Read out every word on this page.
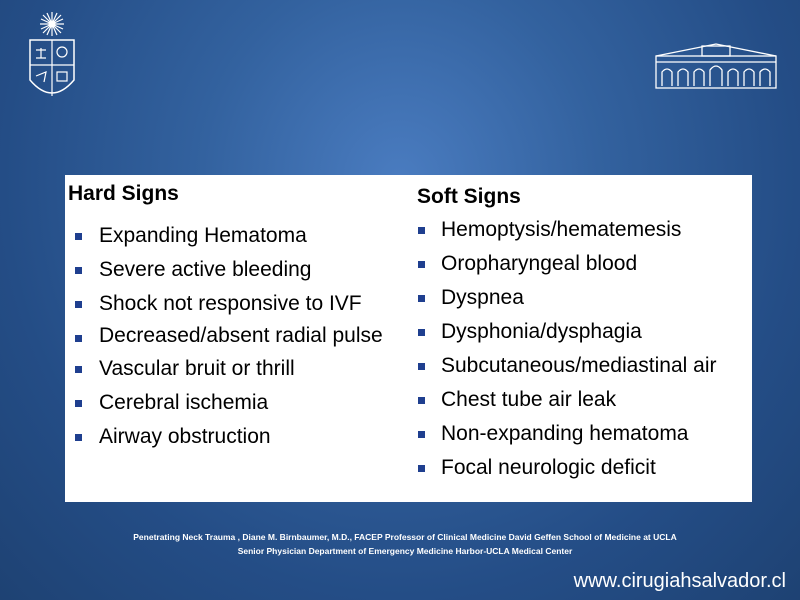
Hard Signs
Expanding Hematoma
Severe active bleeding
Shock not responsive to IVF
Decreased/absent radial pulse
Vascular bruit or thrill
Cerebral ischemia
Airway obstruction
Soft Signs
Hemoptysis/hematemesis
Oropharyngeal blood
Dyspnea
Dysphonia/dysphagia
Subcutaneous/mediastinal air
Chest tube air leak
Non-expanding hematoma
Focal neurologic deficit
Penetrating Neck Trauma , Diane M. Birnbaumer, M.D., FACEP Professor of Clinical Medicine David Geffen School of Medicine at UCLA
Senior Physician Department of Emergency Medicine Harbor-UCLA Medical Center
www.cirugiahsalvador.cl
